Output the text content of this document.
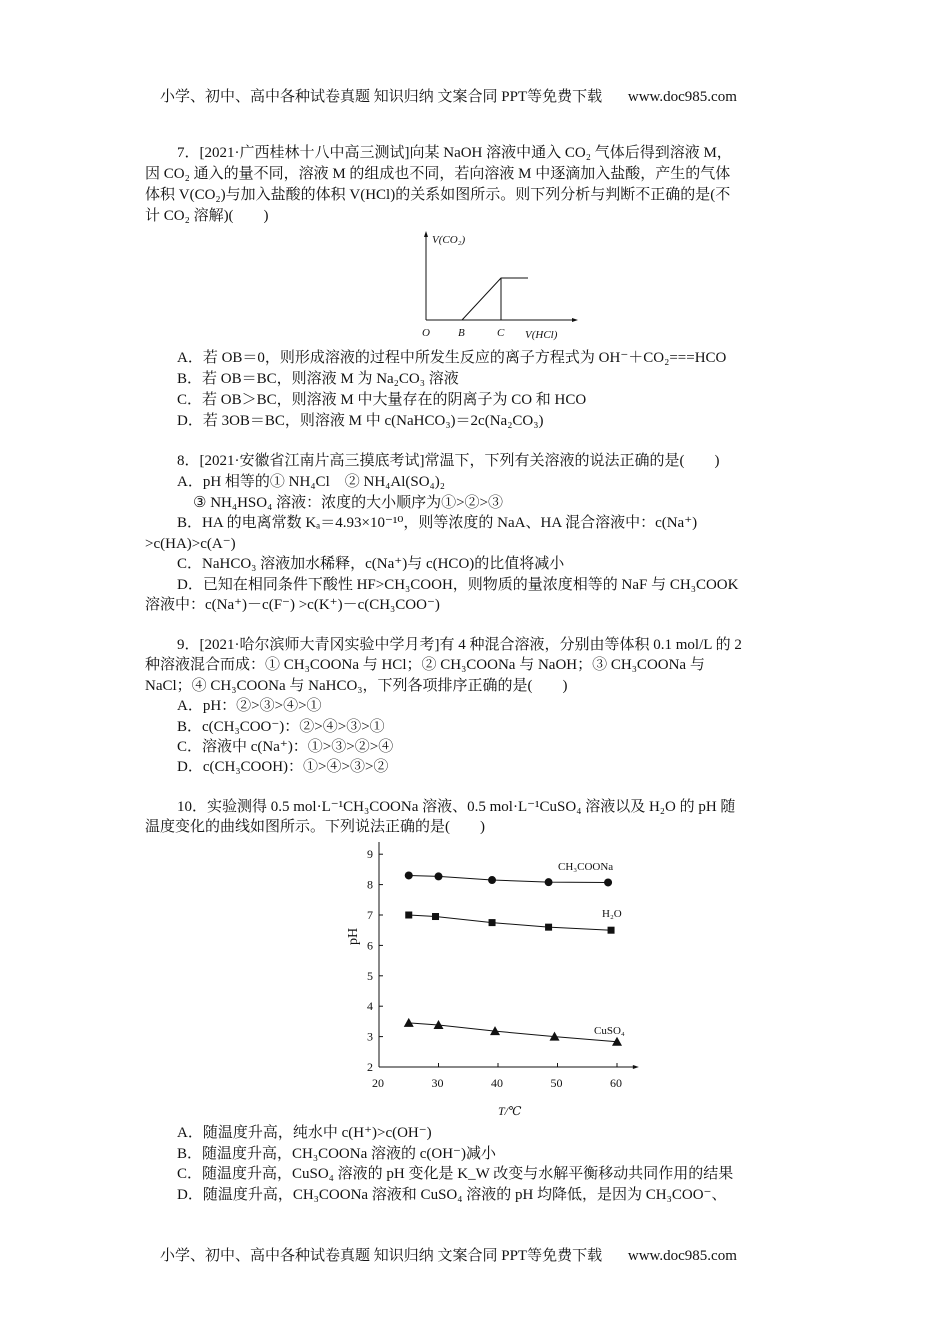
小学、初中、高中各种试卷真题 知识归纳 文案合同 PPT等免费下载 www.doc985.com
7．[2021·广西桂林十八中高三测试]向某 NaOH 溶液中通入 CO₂ 气体后得到溶液 M，
因 CO₂ 通入的量不同，溶液 M 的组成也不同，若向溶液 M 中逐滴加入盐酸，产生的气体
体积 V(CO₂)与加入盐酸的体积 V(HCl)的关系如图所示。则下列分析与判断不正确的是(不
计 CO₂ 溶解)(　　)
V(CO₂)
O	B	C V(HCl)
A．若 OB＝0，则形成溶液的过程中所发生反应的离子方程式为 OH⁻＋CO₂===HCO
B．若 OB＝BC，则溶液 M 为 Na₂CO₃ 溶液
C．若 OB＞BC，则溶液 M 中大量存在的阴离子为 CO 和 HCO
D．若 3OB＝BC，则溶液 M 中 c(NaHCO₃)＝2c(Na₂CO₃)
8．[2021·安徽省江南片高三摸底考试]常温下，下列有关溶液的说法正确的是(　　)
A．pH 相等的① NH₄Cl　② NH₄Al(SO₄)₂
③ NH₄HSO₄ 溶液：浓度的大小顺序为①>②>③
B．HA 的电离常数 Kₐ＝4.93×10⁻¹⁰，则等浓度的 NaA、HA 混合溶液中：c(Na⁺)
>c(HA)>c(A⁻)
C．NaHCO₃ 溶液加水稀释，c(Na⁺)与 c(HCO)的比值将减小
D．已知在相同条件下酸性 HF>CH₃COOH，则物质的量浓度相等的 NaF 与 CH₃COOK
溶液中：c(Na⁺)－c(F⁻) >c(K⁺)－c(CH₃COO⁻)
9．[2021·哈尔滨师大青冈实验中学月考]有 4 种混合溶液，分别由等体积 0.1 mol/L 的 2
种溶液混合而成：① CH₃COONa 与 HCl；② CH₃COONa 与 NaOH；③ CH₃COONa 与
NaCl；④ CH₃COONa 与 NaHCO₃，下列各项排序正确的是(　　)
A．pH：②>③>④>①
B．c(CH₃COO⁻)：②>④>③>①
C．溶液中 c(Na⁺)：①>③>②>④
D．c(CH₃COOH)：①>④>③>②
10．实验测得 0.5 mol·L⁻¹CH₃COONa 溶液、0.5 mol·L⁻¹CuSO₄ 溶液以及 H₂O 的 pH 随
温度变化的曲线如图所示。下列说法正确的是(　　)
2
3
4
5
6
7
8
9
20	30	40	50	60
pH
T/℃
CH₃COONa
H₂O
CuSO₄
A．随温度升高，纯水中 c(H⁺)>c(OH⁻)
B．随温度升高，CH₃COONa 溶液的 c(OH⁻)减小
C．随温度升高，CuSO₄ 溶液的 pH 变化是 K_W 改变与水解平衡移动共同作用的结果
D．随温度升高，CH₃COONa 溶液和 CuSO₄ 溶液的 pH 均降低，是因为 CH₃COO⁻、
小学、初中、高中各种试卷真题 知识归纳 文案合同 PPT等免费下载 www.doc985.com
